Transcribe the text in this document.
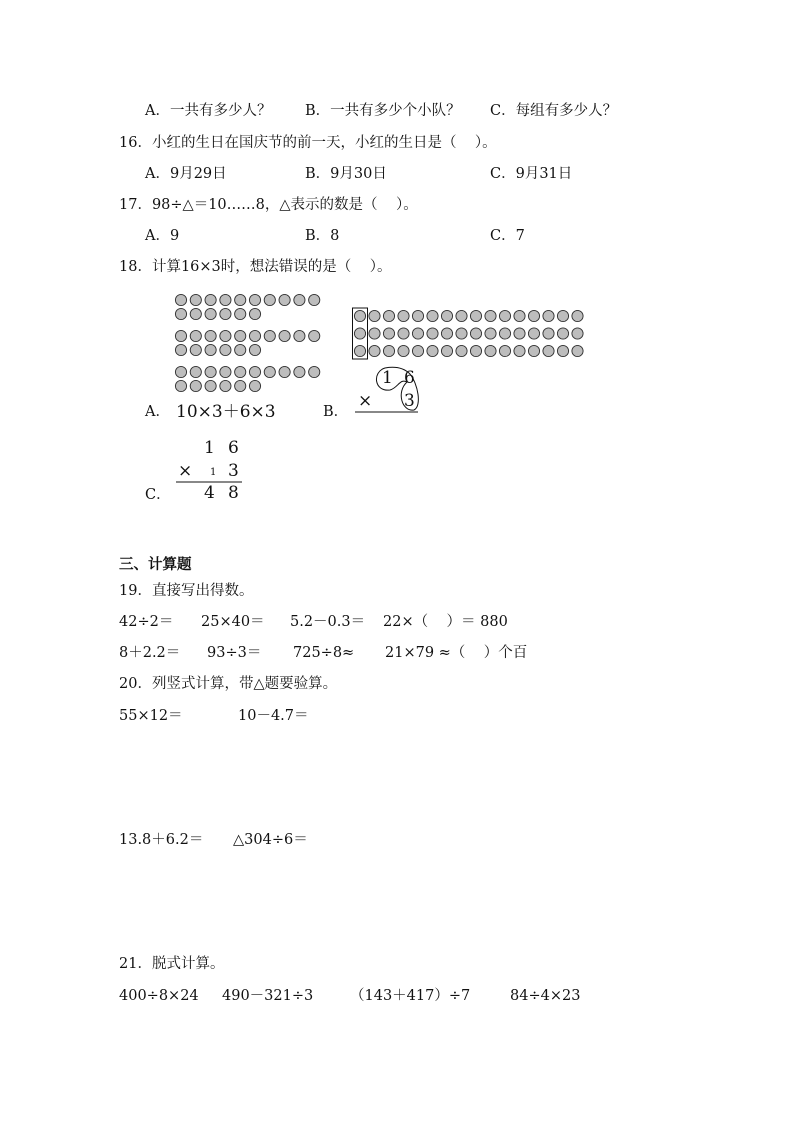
A．一共有多少人？ B．一共有多少个小队？ C．每组有多少人？
16．小红的生日在国庆节的前一天，小红的生日是（    ）。
A．9月29日	B．9月30日	C．9月31日
17．98÷△＝10……8，△表示的数是（    ）。
A．9	B．8	C．7
18．计算16×3时，想法错误的是（    ）。
A． 10×3＋6×3	B．
1 6
× 3
1 6
× 1 3
4 8
C．
三、计算题
19．直接写出得数。
42÷2＝ 25×40＝ 5.2－0.3＝ 22×（    ）＝ 880
8＋2.2＝ 93÷3＝ 725÷8≈ 21×79 ≈（    ）个百
20．列竖式计算，带△题要验算。
55×12＝	10－4.7＝
13.8＋6.2＝ △304÷6＝
21．脱式计算。
400÷8×24 490－321÷3	（143＋417）÷7	84÷4×23
